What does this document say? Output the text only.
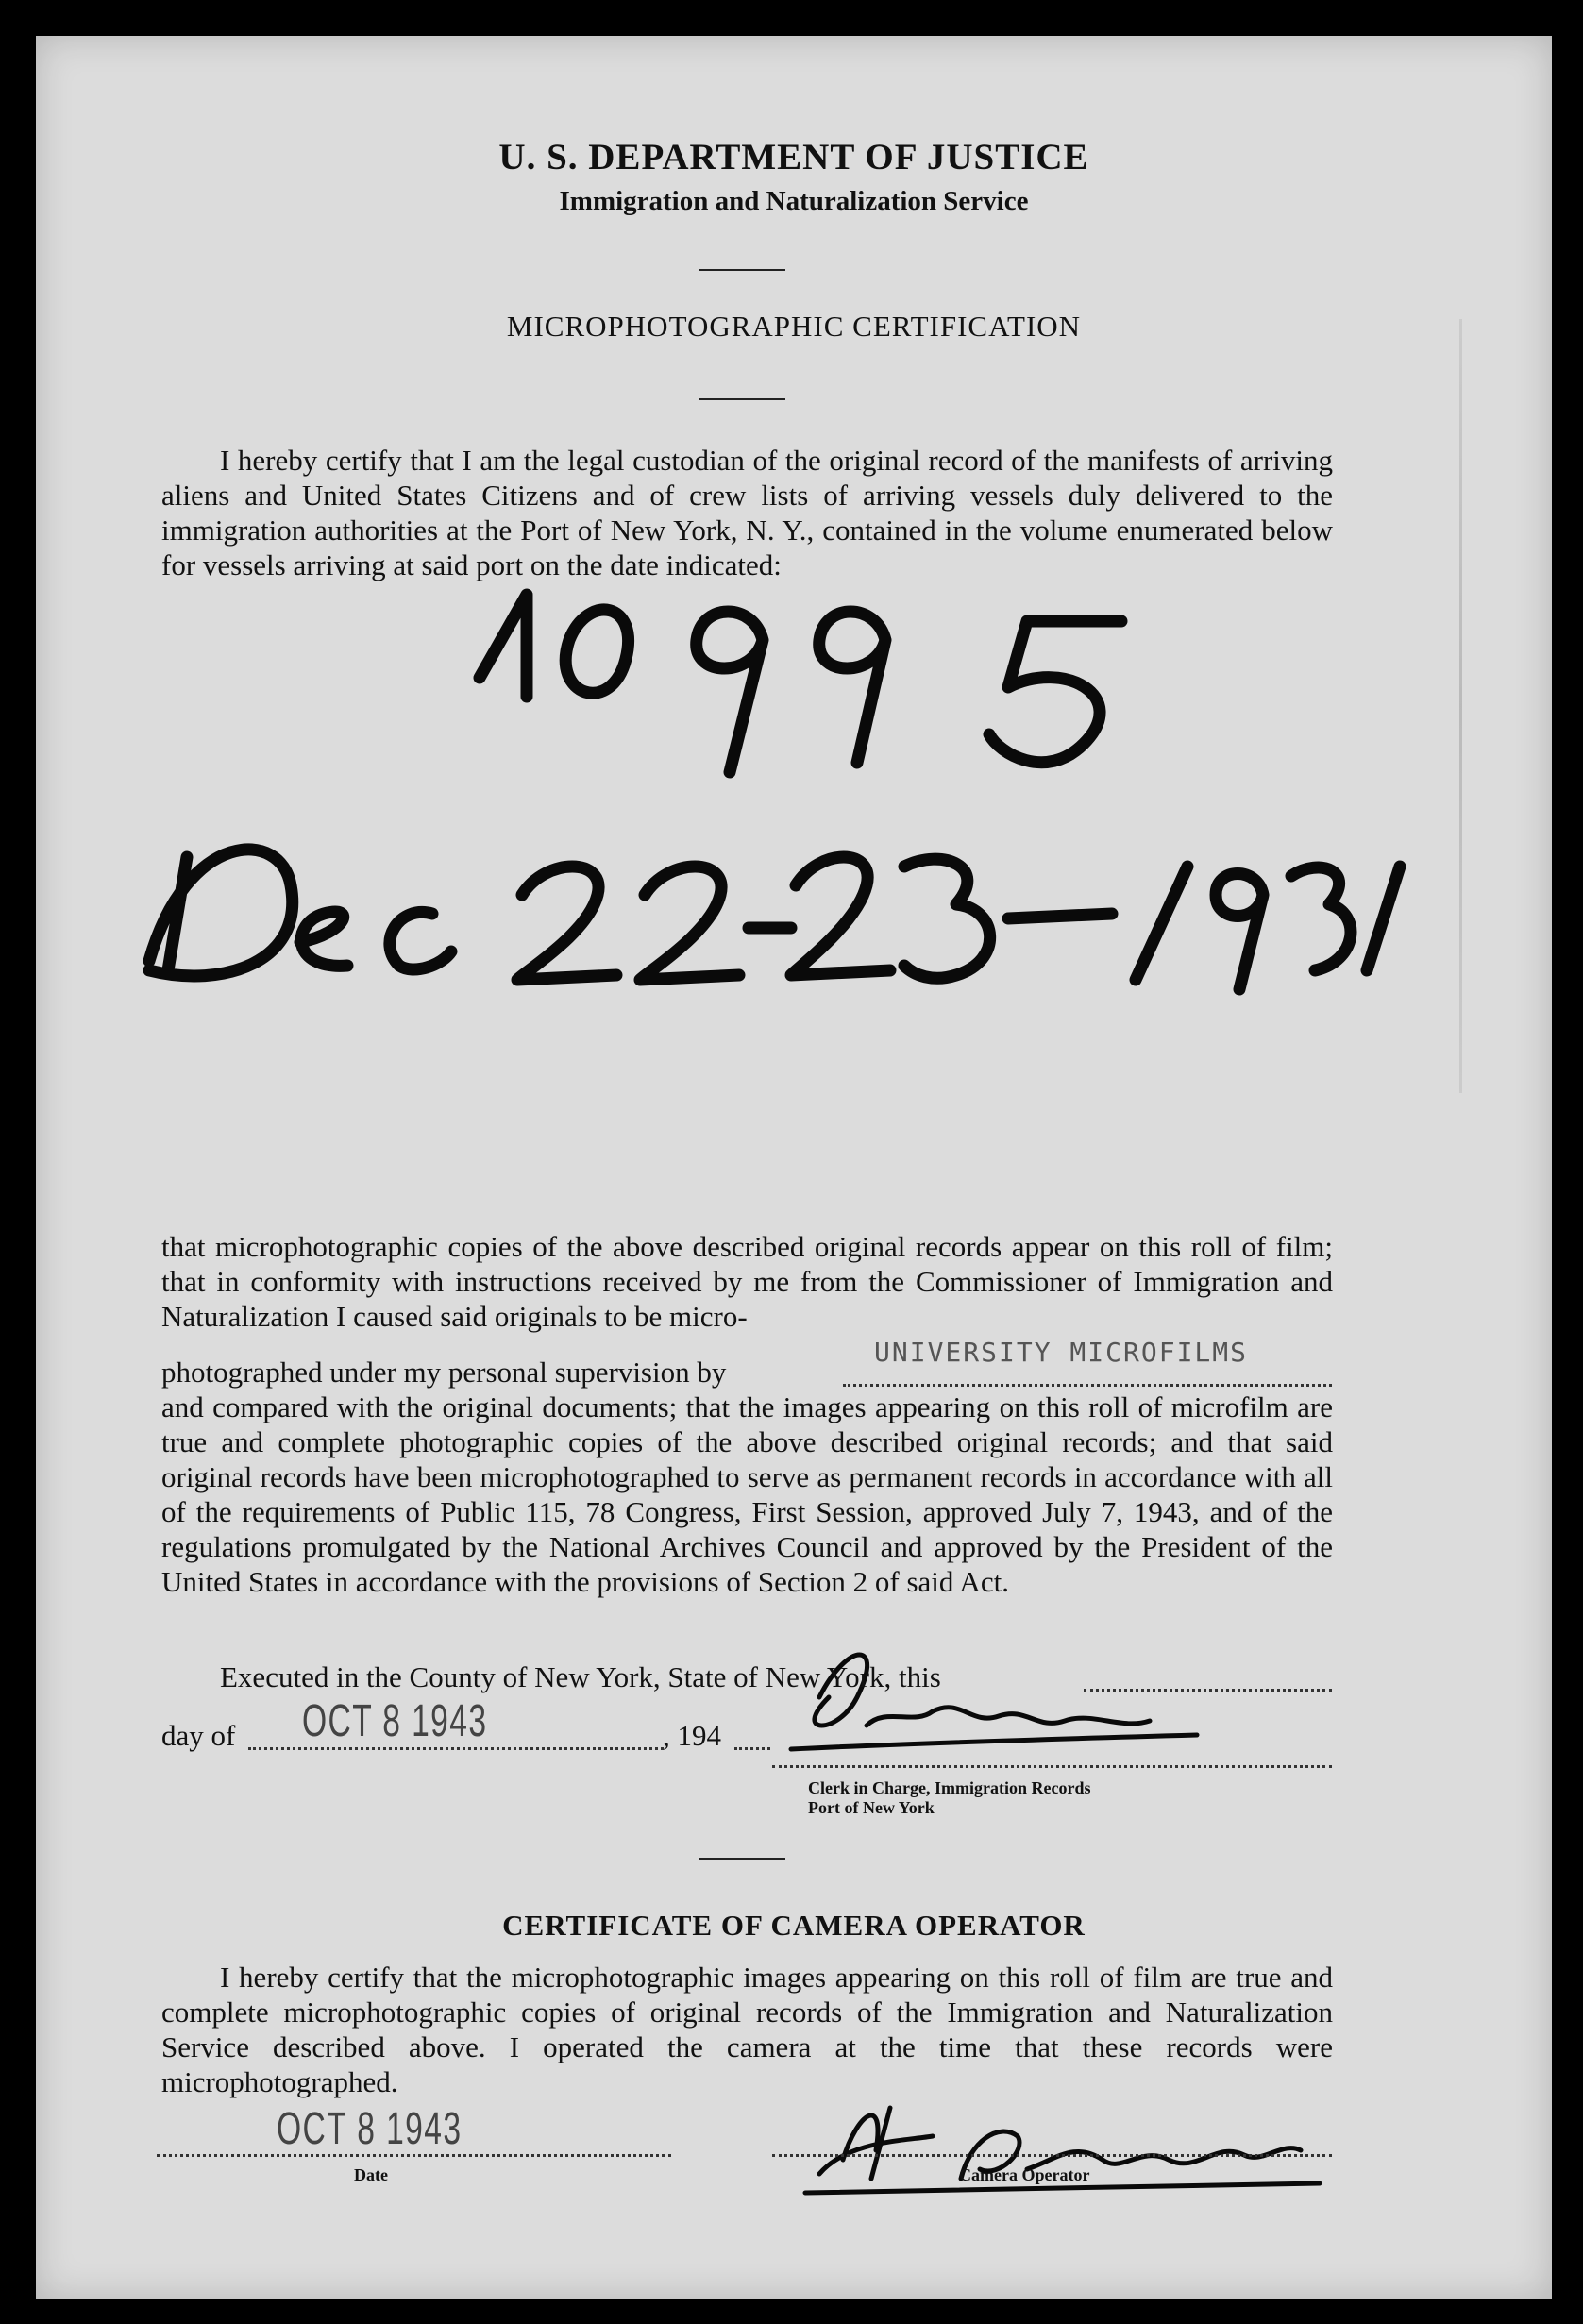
U. S. DEPARTMENT OF JUSTICE
Immigration and Naturalization Service
MICROPHOTOGRAPHIC CERTIFICATION
I hereby certify that I am the legal custodian of the original record of the manifests of arriving aliens and United States Citizens and of crew lists of arriving vessels duly delivered to the immigration authorities at the Port of New York, N. Y., contained in the volume enumerated below for vessels arriving at said port on the date indicated:
that microphotographic copies of the above described original records appear on this roll of film; that in conformity with instructions received by me from the Commissioner of Immigration and Naturalization I caused said originals to be micro-
photographed under my personal supervision by
UNIVERSITY MICROFILMS
and compared with the original documents; that the images appearing on this roll of microfilm are true and complete photographic copies of the above described original records; and that said original records have been microphotographed to serve as permanent records in accordance with all of the requirements of Public 115, 78 Congress, First Session, approved July 7, 1943, and of the regulations promulgated by the National Archives Council and approved by the President of the United States in accordance with the provisions of Section 2 of said Act.
Executed in the County of New York, State of New York, this
day of OCT 8 1943	, 194
Clerk in Charge, Immigration Records
Port of New York
CERTIFICATE OF CAMERA OPERATOR
I hereby certify that the microphotographic images appearing on this roll of film are true and complete microphotographic copies of original records of the Immigration and Naturalization Service described above. I operated the camera at the time that these records were microphotographed.
OCT 8 1943
Date	Camera Operator
